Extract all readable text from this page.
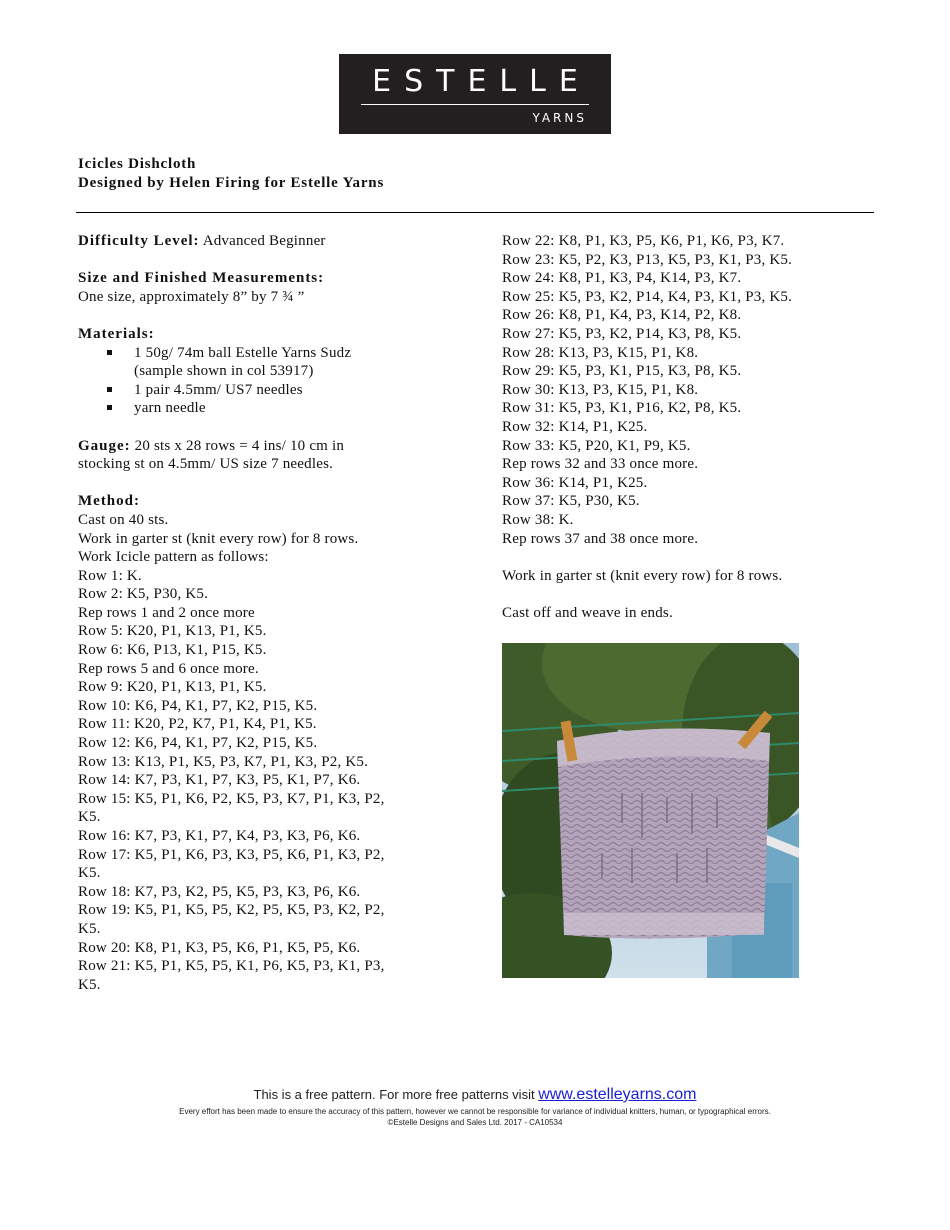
ESTELLE
YARNS
Icicles Dishcloth
Designed by Helen Firing for Estelle Yarns
Difficulty Level: Advanced Beginner
Size and Finished Measurements:
One size, approximately 8” by 7 ¾ ”
Materials:
1 50g/ 74m ball Estelle Yarns Sudz
(sample shown in col 53917)
1 pair 4.5mm/ US7 needles
yarn needle
Gauge: 20 sts x 28 rows = 4 ins/ 10 cm in
stocking st on 4.5mm/ US size 7 needles.
Method:
Cast on 40 sts.
Work in garter st (knit every row) for 8 rows.
Work Icicle pattern as follows:
Row 1: K.
Row 2: K5, P30, K5.
Rep rows 1 and 2 once more
Row 5: K20, P1, K13, P1, K5.
Row 6: K6, P13, K1, P15, K5.
Rep rows 5 and 6 once more.
Row 9: K20, P1, K13, P1, K5.
Row 10: K6, P4, K1, P7, K2, P15, K5.
Row 11: K20, P2, K7, P1, K4, P1, K5.
Row 12: K6, P4, K1, P7, K2, P15, K5.
Row 13: K13, P1, K5, P3, K7, P1, K3, P2, K5.
Row 14: K7, P3, K1, P7, K3, P5, K1, P7, K6.
Row 15: K5, P1, K6, P2, K5, P3, K7, P1, K3, P2,
K5.
Row 16: K7, P3, K1, P7, K4, P3, K3, P6, K6.
Row 17: K5, P1, K6, P3, K3, P5, K6, P1, K3, P2,
K5.
Row 18: K7, P3, K2, P5, K5, P3, K3, P6, K6.
Row 19: K5, P1, K5, P5, K2, P5, K5, P3, K2, P2,
K5.
Row 20: K8, P1, K3, P5, K6, P1, K5, P5, K6.
Row 21: K5, P1, K5, P5, K1, P6, K5, P3, K1, P3,
K5.
Row 22: K8, P1, K3, P5, K6, P1, K6, P3, K7.
Row 23: K5, P2, K3, P13, K5, P3, K1, P3, K5.
Row 24: K8, P1, K3, P4, K14, P3, K7.
Row 25: K5, P3, K2, P14, K4, P3, K1, P3, K5.
Row 26: K8, P1, K4, P3, K14, P2, K8.
Row 27: K5, P3, K2, P14, K3, P8, K5.
Row 28: K13, P3, K15, P1, K8.
Row 29: K5, P3, K1, P15, K3, P8, K5.
Row 30: K13, P3, K15, P1, K8.
Row 31: K5, P3, K1, P16, K2, P8, K5.
Row 32: K14, P1, K25.
Row 33: K5, P20, K1, P9, K5.
Rep rows 32 and 33 once more.
Row 36: K14, P1, K25.
Row 37: K5, P30, K5.
Row 38: K.
Rep rows 37 and 38 once more.
Work in garter st (knit every row) for 8 rows.
Cast off and weave in ends.
This is a free pattern. For more free patterns visit www.estelleyarns.com
Every effort has been made to ensure the accuracy of this pattern, however we cannot be responsible for variance of individual knitters, human, or typographical errors.
©Estelle Designs and Sales Ltd. 2017 - CA10534
